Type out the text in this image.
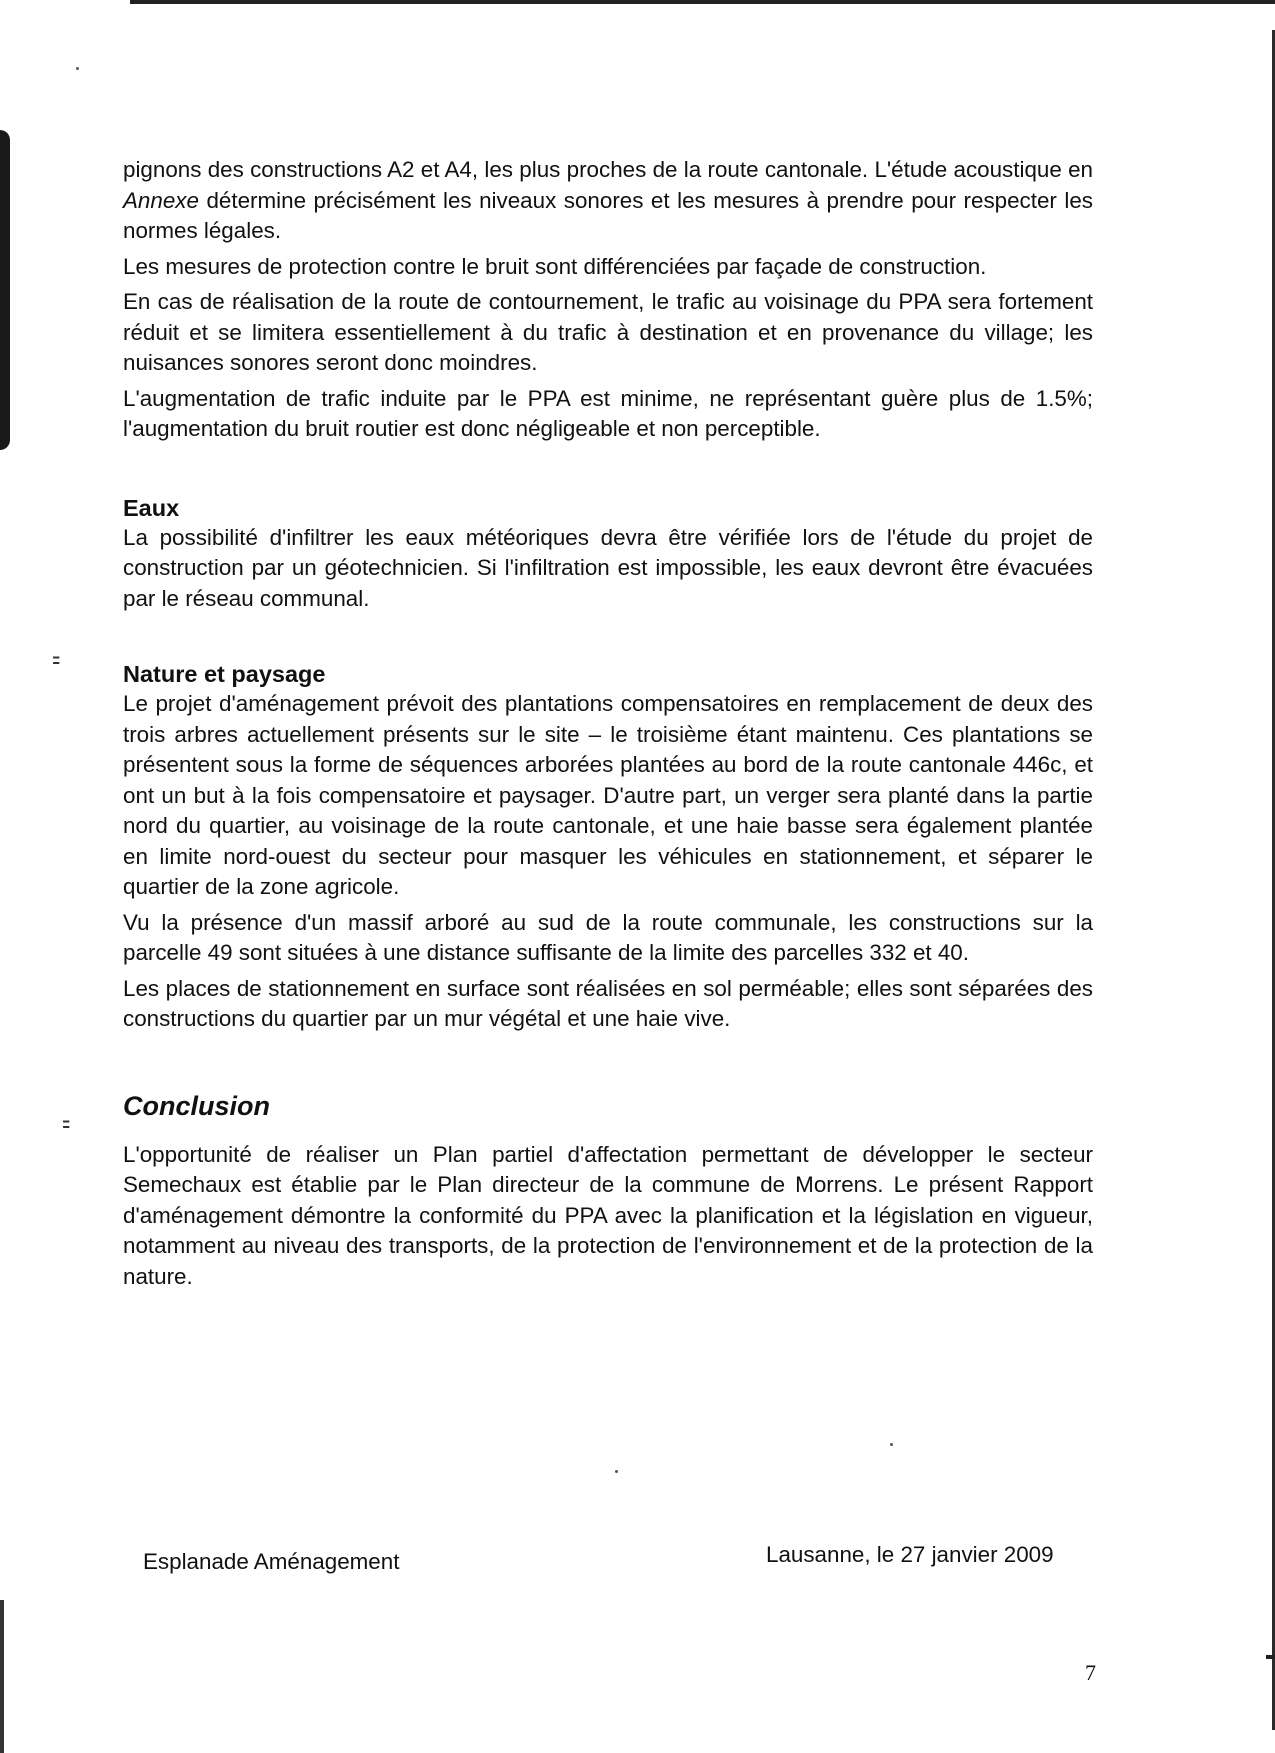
⹀
⹀

pignons des constructions A2 et A4, les plus proches de la route cantonale. L'étude acoustique en Annexe détermine précisément les niveaux sonores et les mesures à prendre pour respecter les normes légales.

Les mesures de protection contre le bruit sont différenciées par façade de construction.

En cas de réalisation de la route de contournement, le trafic au voisinage du PPA sera fortement réduit et se limitera essentiellement à du trafic à destination et en provenance du village; les nuisances sonores seront donc moindres.

L'augmentation de trafic induite par le PPA est minime, ne représentant guère plus de 1.5%; l'augmentation du bruit routier est donc négligeable et non perceptible.

Eaux

La possibilité d'infiltrer les eaux météoriques devra être vérifiée lors de l'étude du projet de construction par un géotechnicien. Si l'infiltration est impossible, les eaux devront être évacuées par le réseau communal.

Nature et paysage

Le projet d'aménagement prévoit des plantations compensatoires en remplacement de deux des trois arbres actuellement présents sur le site – le troisième étant maintenu. Ces plantations se présentent sous la forme de séquences arborées plantées au bord de la route cantonale 446c, et ont un but à la fois compensatoire et paysager. D'autre part, un verger sera planté dans la partie nord du quartier, au voisinage de la route cantonale, et une haie basse sera également plantée en limite nord-ouest du secteur pour masquer les véhicules en stationnement, et séparer le quartier de la zone agricole.

Vu la présence d'un massif arboré au sud de la route communale, les constructions sur la parcelle 49 sont situées à une distance suffisante de la limite des parcelles 332 et 40.

Les places de stationnement en surface sont réalisées en sol perméable; elles sont séparées des constructions du quartier par un mur végétal et une haie vive.

Conclusion

L'opportunité de réaliser un Plan partiel d'affectation permettant de développer le secteur Semechaux est établie par le Plan directeur de la commune de Morrens. Le présent Rapport d'aménagement démontre la conformité du PPA avec la planification et la législation en vigueur, notamment au niveau des transports, de la protection de l'environnement et de la protection de la nature.

Esplanade Aménagement	Lausanne, le 27 janvier 2009
7
